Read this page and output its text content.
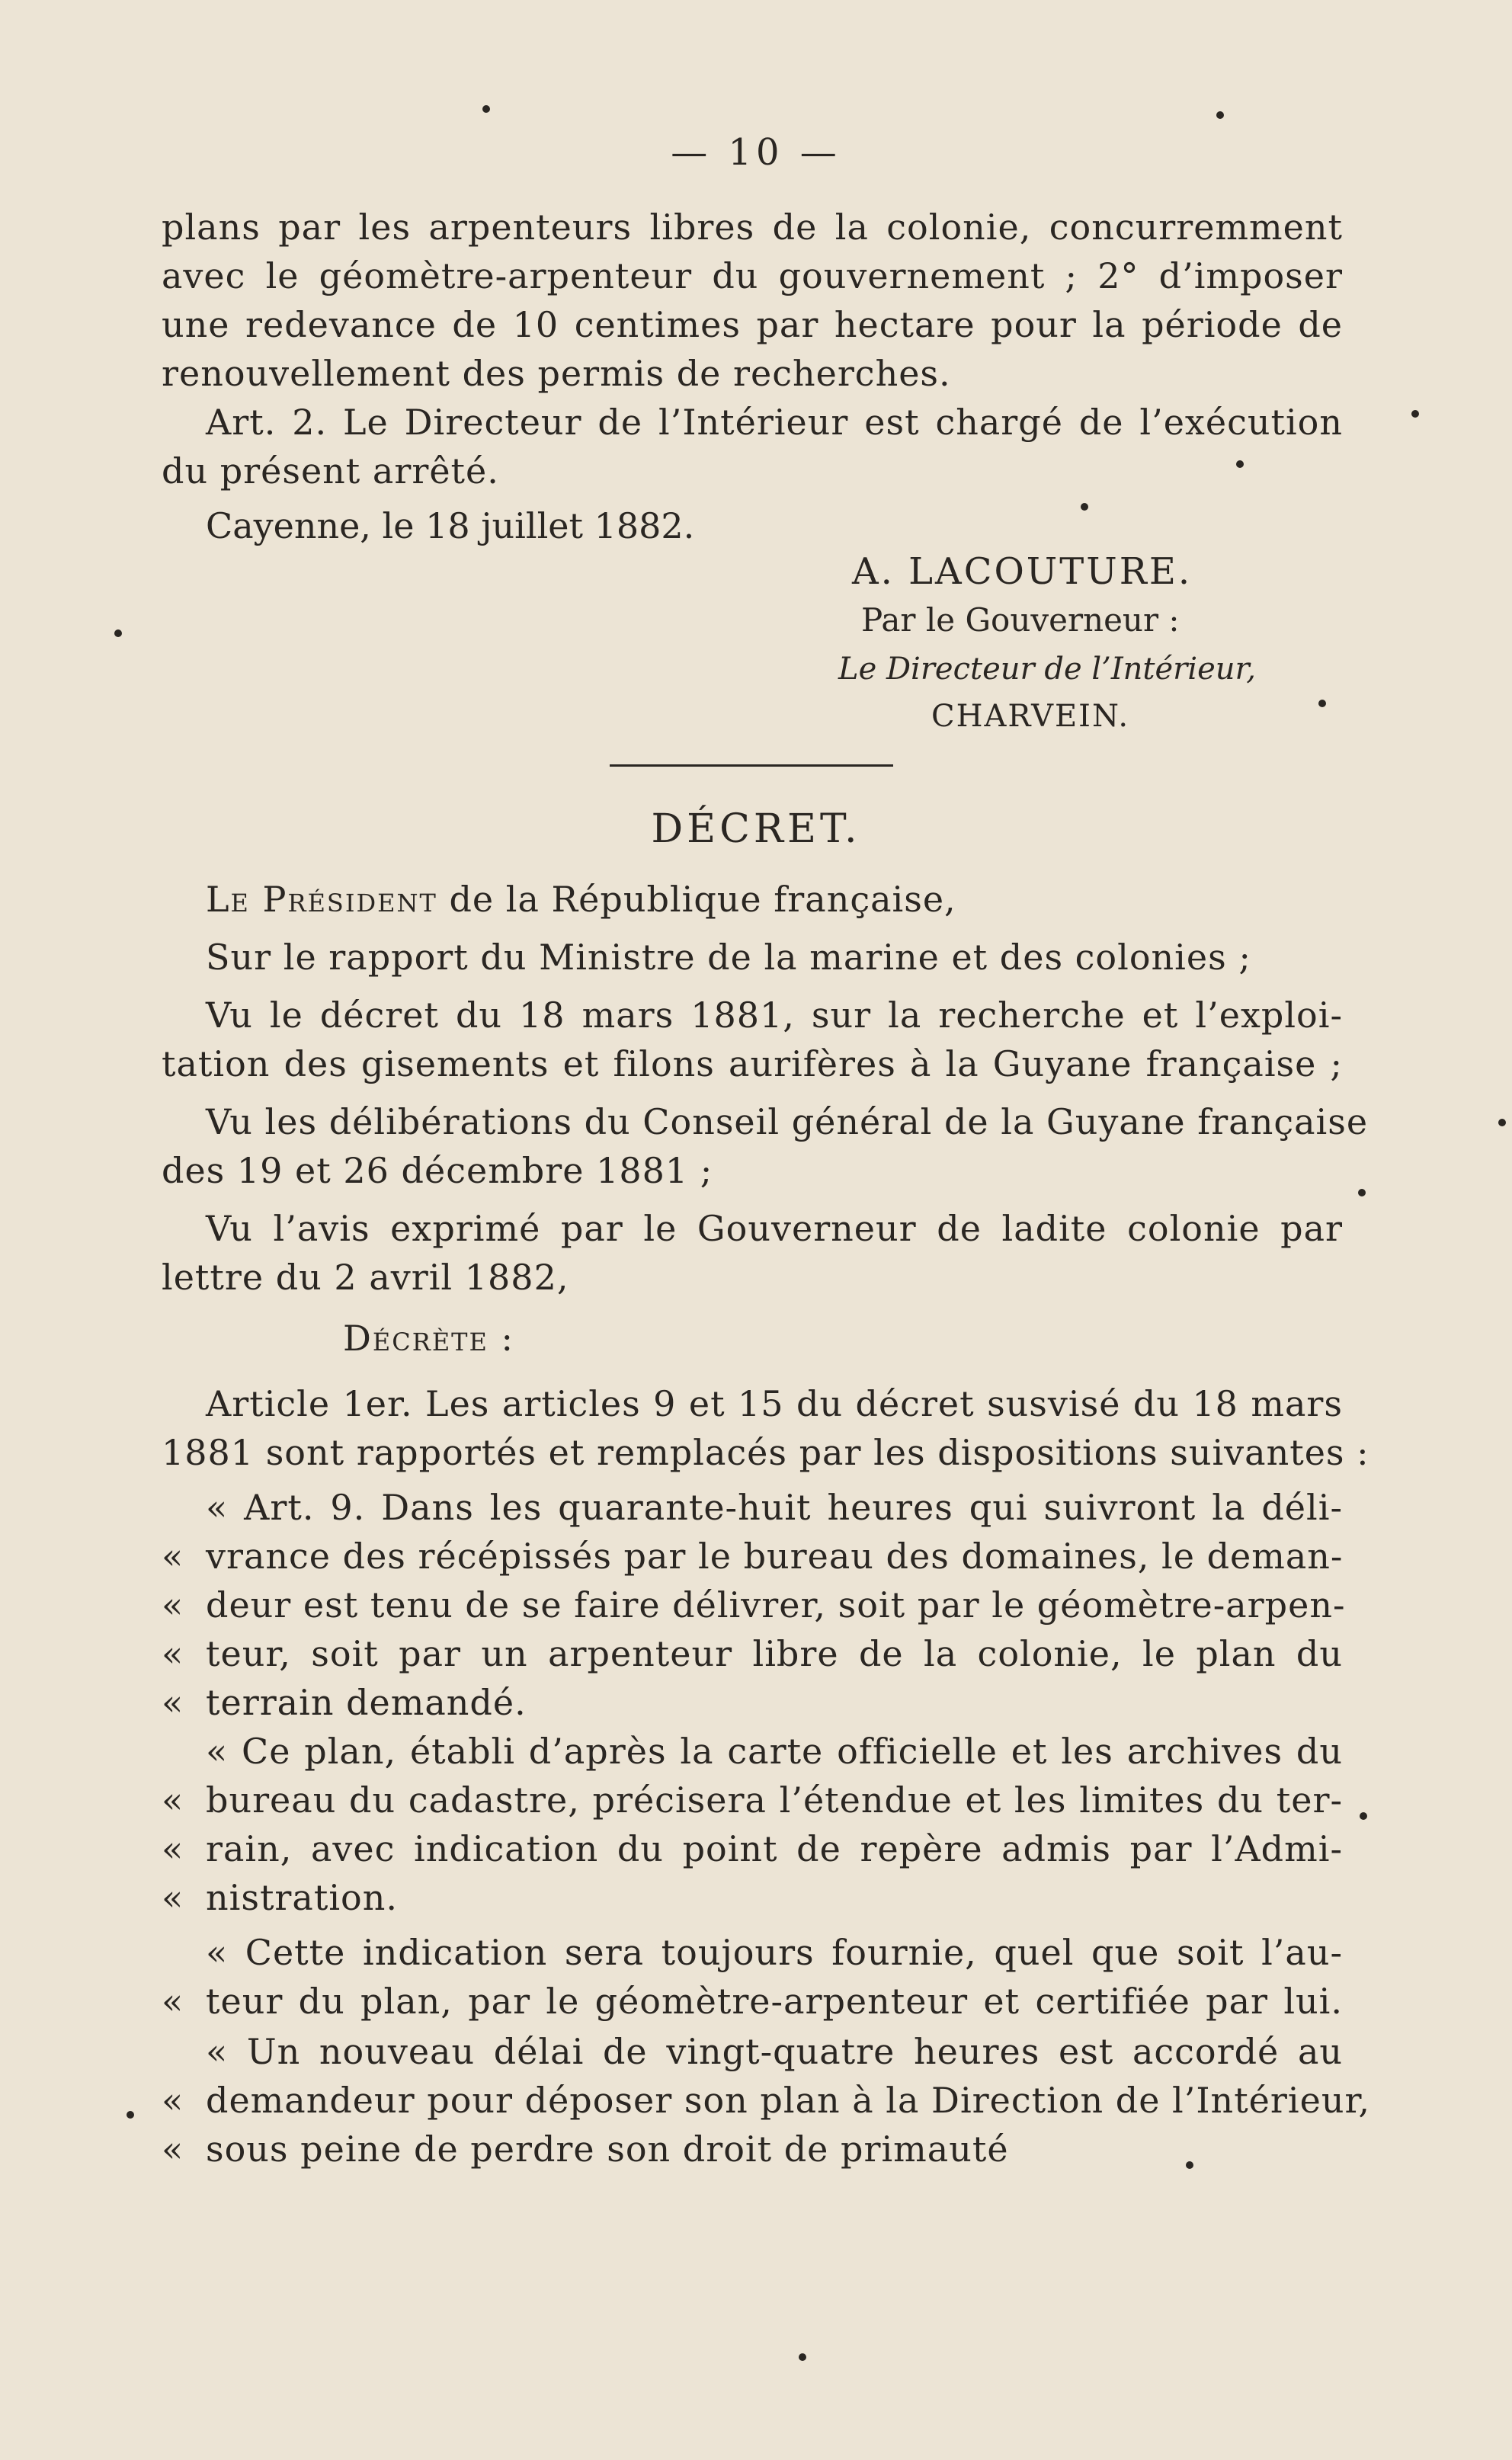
— 10 —
plans par les arpenteurs libres de la colonie, concurremment
avec le géomètre-arpenteur du gouvernement ; 2° d’imposer
une redevance de 10 centimes par hectare pour la période de
renouvellement des permis de recherches.
Art. 2. Le Directeur de l’Intérieur est chargé de l’exécution
du présent arrêté.
Cayenne, le 18 juillet 1882.
A. LACOUTURE.
Par le Gouverneur :
Le Directeur de l’Intérieur,
CHARVEIN.
DÉCRET.
Le Président de la République française,
Sur le rapport du Ministre de la marine et des colonies ;
Vu le décret du 18 mars 1881, sur la recherche et l’exploi-
tation des gisements et filons aurifères à la Guyane française ;
Vu les délibérations du Conseil général de la Guyane française
des 19 et 26 décembre 1881 ;
Vu l’avis exprimé par le Gouverneur de ladite colonie par
lettre du 2 avril 1882,
Décrète :
Article 1er. Les articles 9 et 15 du décret susvisé du 18 mars
1881 sont rapportés et remplacés par les dispositions suivantes :
« Art. 9. Dans les quarante-huit heures qui suivront la déli-
« vrance des récépissés par le bureau des domaines, le deman-
« deur est tenu de se faire délivrer, soit par le géomètre-arpen-
« teur, soit par un arpenteur libre de la colonie, le plan du
« terrain demandé.
« Ce plan, établi d’après la carte officielle et les archives du
« bureau du cadastre, précisera l’étendue et les limites du ter-
« rain, avec indication du point de repère admis par l’Admi-
« nistration.
« Cette indication sera toujours fournie, quel que soit l’au-
« teur du plan, par le géomètre-arpenteur et certifiée par lui.
« Un nouveau délai de vingt-quatre heures est accordé au
« demandeur pour déposer son plan à la Direction de l’Intérieur,
« sous peine de perdre son droit de primauté
